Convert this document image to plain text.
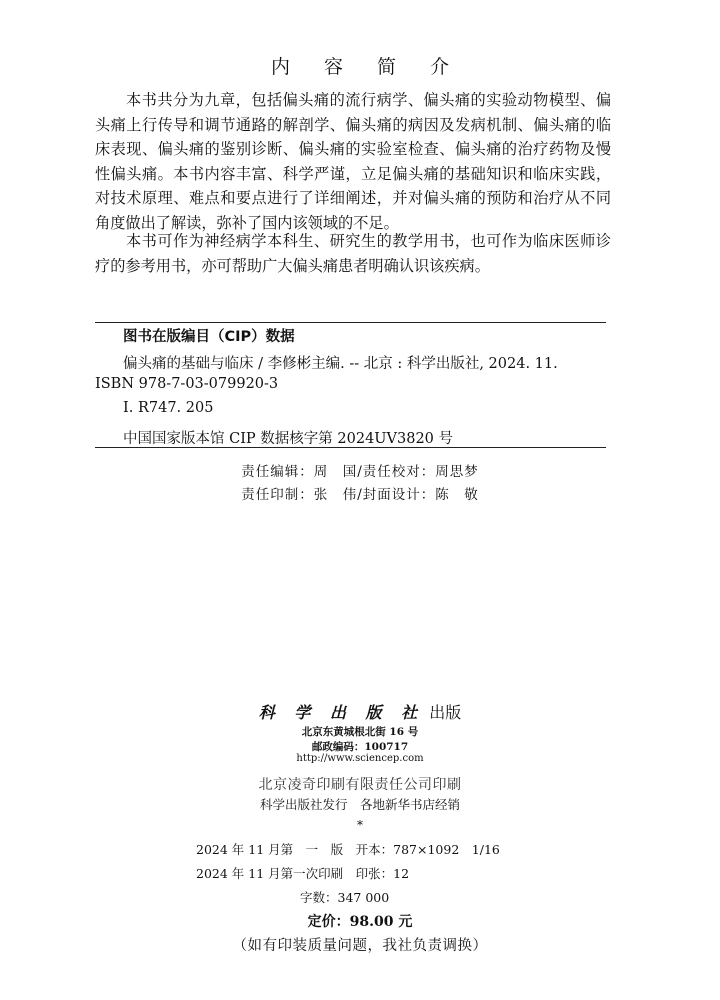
内 容 简 介

本书共分为九章，包括偏头痛的流行病学、偏头痛的实验动物模型、偏头痛上行传导和调节通路的解剖学、偏头痛的病因及发病机制、偏头痛的临床表现、偏头痛的鉴别诊断、偏头痛的实验室检查、偏头痛的治疗药物及慢性偏头痛。本书内容丰富、科学严谨，立足偏头痛的基础知识和临床实践，对技术原理、难点和要点进行了详细阐述，并对偏头痛的预防和治疗从不同角度做出了解读，弥补了国内该领域的不足。

本书可作为神经病学本科生、研究生的教学用书，也可作为临床医师诊疗的参考用书，亦可帮助广大偏头痛患者明确认识该疾病。

图书在版编目（CIP）数据
偏头痛的基础与临床 / 李修彬主编. -- 北京 : 科学出版社, 2024. 11.
ISBN 978-7-03-079920-3
Ⅰ. R747. 205
中国国家版本馆 CIP 数据核字第 2024UV3820 号
责任编辑：周　国/责任校对：周思梦
责任印制：张　伟/封面设计：陈　敬
科 学 出 版 社 出版
北京东黄城根北街 16 号
邮政编码：100717
http://www.sciencep.com
北京凌奇印刷有限责任公司印刷
科学出版社发行　各地新华书店经销
*
2024 年 11 月第　一　版　开本：787×1092　1/16
2024 年 11 月第一次印刷　印张：12
字数：347 000
定价：98.00 元
（如有印装质量问题，我社负责调换）
